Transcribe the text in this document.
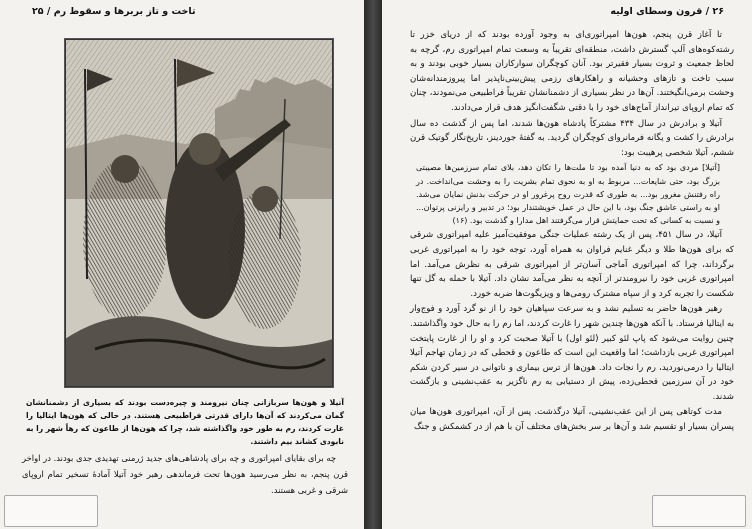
تاخت و تاز بربرها و سقوط رم / ۲۵
آتیلا و هون‌ها سربازانی چنان نیرومند و چیره‌دست بودند که بسیاری از دشمنانشان گمان می‌کردند که آن‌ها دارای قدرتی فراطبیعی هستند. در حالی که هون‌ها ایتالیا را غارت کردند، رم به طور خود واگذاشته شد، چرا که هون‌ها از طاعون که رهاً شهر را به نابودی کشاند بیم داشتند.

چه برای بقایای امپراتوری و چه برای پادشاهی‌های جدید ژرمنی تهدیدی جدی بودند. در اواخر قرن پنجم، به نظر می‌رسید هون‌ها تحت فرماندهی رهبر خود آتیلا آمادهٔ تسخیر تمام اروپای شرقی و غربی هستند.

۲۶ / قرون وسطای اولیه

تا آغاز قرن پنجم، هون‌ها امپراتوری‌ای به وجود آورده بودند که از دریای خزر تا رشته‌کوه‌های آلپ گسترش داشت، منطقه‌ای تقریباً به وسعت تمام امپراتوری رم، گرچه به لحاظ جمعیت و ثروت بسیار فقیرتر بود. آنان کوچگران سوارکاران بسیار خوبی بودند و به سبب تاخت و تازهای وحشیانه و راهکارهای رزمی پیش‌بینی‌ناپذیر اما پیروزمندانه‌شان وحشت برمی‌انگیختند. آن‌ها در نظر بسیاری از دشمنانشان تقریباً فراطبیعی می‌نمودند، چنان که تمام اروپای تیرانداز آماج‌های خود را با دقتی شگفت‌انگیز هدف قرار می‌دادند.

آتیلا و برادرش در سال ۴۳۴ مشترکاً پادشاه هون‌ها شدند، اما پس از گذشت ده سال برادرش را کشت و یگانه فرمانروای کوچگران گردید. به گفتهٔ جوردینز، تاریخ‌نگار گوتیک قرن ششم، آتیلا شخصی پرهیبت بود:

[آتیلا] مردی بود که به دنیا آمده بود تا ملت‌ها را تکان دهد، بلای تمام سرزمین‌ها مصیبتی بزرگ بود، حتی شایعات... مربوط به او به نحوی تمام بشریت را به وحشت می‌انداخت. در راه رفتنش مغرور بود... به طوری که قدرت روح پرغرور او در حرکت بدنش نمایان می‌شد. او به راستی عاشق جنگ بود، با این حال در عمل خویشتندار بود؛ در تدبیر و رایزنی پرتوان... و نسبت به کسانی که تحت حمایتش قرار می‌گرفتند اهل مدارا و گذشت بود. (۱۶)

آتیلا، در سال ۴۵۱، پس از یک رشته عملیات جنگی موفقیت‌آمیز علیه امپراتوری شرقی که برای هون‌ها طلا و دیگر غنایم فراوان به همراه آورد، توجه خود را به امپراتوری غربی برگرداند، چرا که امپراتوری آماجی آسان‌تر از امپراتوری شرقی به نظرش می‌آمد. اما امپراتوری غربی خود را نیرومندتر از آنچه به نظر می‌آمد نشان داد. آتیلا با حمله به گل تنها شکست را تجربه کرد و از سپاه مشترک رومی‌ها و ویزیگوت‌ها ضربه خورد.

رهبر هون‌ها حاضر به تسلیم نشد و به سرعت سپاهیان خود را از نو گرد آورد و فوج‌وار به ایتالیا فرستاد. با آنکه هون‌ها چندین شهر را غارت کردند، اما رم را به حال خود واگذاشتند. چنین روایت می‌شود که پاپ لئو کبیر (لئو اول) با آتیلا صحبت کرد و او را از غارت پایتخت امپراتوری غربی بازداشت؛ اما واقعیت این است که طاعون و قحطی که در زمان تهاجم آتیلا ایتالیا را درمی‌نوردید، رم را نجات داد. هون‌ها از ترس بیماری و ناتوانی در سیر کردن شکم خود در آن سرزمین قحطی‌زده، پیش از دستیابی به رم ناگزیر به عقب‌نشینی و بازگشت شدند.

مدت کوتاهی پس از این عقب‌نشینی، آتیلا درگذشت. پس از آن، امپراتوری هون‌ها میان پسران بسیار او تقسیم شد و آن‌ها بر سر بخش‌های مختلف آن با هم از در کشمکش و جنگ
